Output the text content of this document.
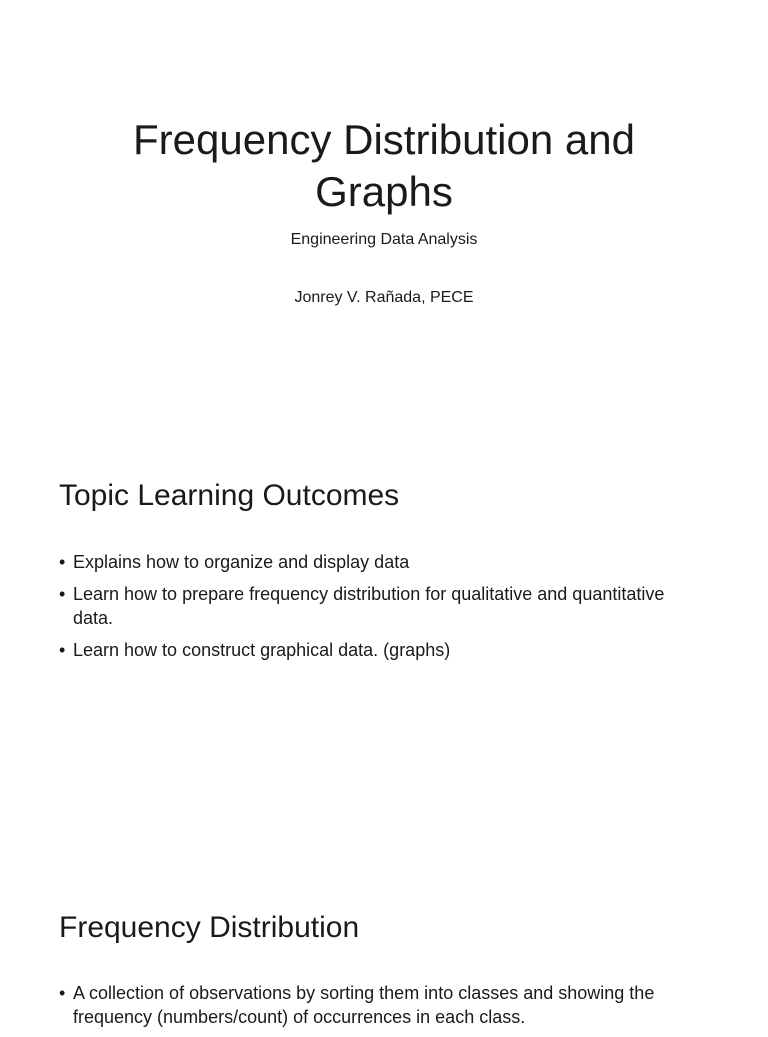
Frequency Distribution and Graphs

Engineering Data Analysis

Jonrey V. Rañada, PECE

Topic Learning Outcomes
• Explains how to organize and display data
• Learn how to prepare frequency distribution for qualitative and quantitative data.
• Learn how to construct graphical data. (graphs)
Frequency Distribution
• A collection of observations by sorting them into classes and showing the frequency (numbers/count) of occurrences in each class.
